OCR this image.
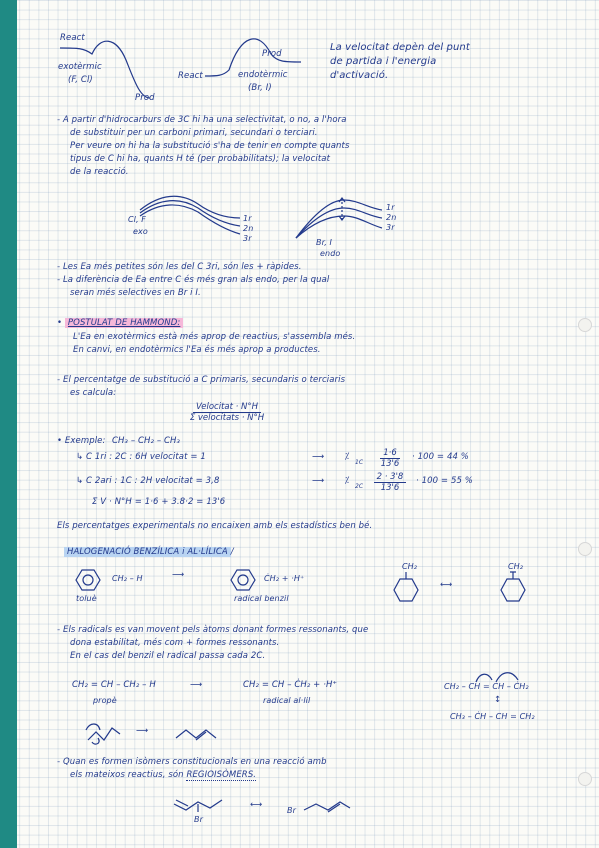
React
exotèrmic
(F, Cl)
Prod
React
Prod
endotèrmic
(Br, I)
La velocitat depèn del punt
de partida i l'energia
d'activació.
- A partir d'hidrocarburs de 3C hi ha una selectivitat, o no, a l'hora
de substituir per un carboni primari, secundari o terciari.
Per veure on hi ha la substitució s'ha de tenir en compte quants
tipus de C hi ha, quants H té (per probabilitats); la velocitat
de la reacció.
Cl, F
exo
1r
2n
3r
1r
2n
3r
Br, I
endo
- Les Ea més petites són les del C 3ri, són les + ràpides.
- La diferència de Ea entre C és més gran als endo, per la qual
seran més selectives en Br i I.
• POSTULAT DE HAMMOND:
L'Ea en exotèrmics està més aprop de reactius, s'assembla més.
En canvi, en endotèrmics l'Ea és més aprop a productes.
- El percentatge de substitució a C primaris, secundaris o terciaris
es calcula:
Velocitat · N°H
Σ velocitats · N°H
• Exemple: CH₃ – CH₂ – CH₃
↳ C 1ri : 2C : 6H velocitat = 1	⟶ ⁒
$1C \frac{1\cdot 6}{13'6} \cdot 100 = 44$ %
↳ C 2ari : 1C : 2H velocitat = 3,8	⟶ ⁒
$2C \frac{2 \cdot 3'8}{13'6} \cdot 100 = 55$ %
Σ V · N°H = 1·6 + 3.8·2 = 13'6
Els percentatges experimentals no encaixen amb els estadístics ben bé.
HALOGENACIÓ BENZÍLICA i AL·LÍLICA /
CH₂ – H
toluè
⟶	ĊH₂ + ·H⁺
radical benzil
CH₂
⟷
CH₂
- Els radicals es van movent pels àtoms donant formes ressonants, que
dona estabilitat, més com + formes ressonants.
En el cas del benzil el radical passa cada 2C.
CH₂ = CH – CH₂ – H
propè
⟶	CH₂ = CH – ĊH₂ + ·H⁺
radical al·lil
CH₂ – CH = CH – ĊH₂
↕
CH₃ – ĊH – CH = CH₂
⟶
- Quan es formen isòmers constitucionals en una reacció amb
els mateixos reactius, són REGIOISÒMERS.
Br
⟷
Br
